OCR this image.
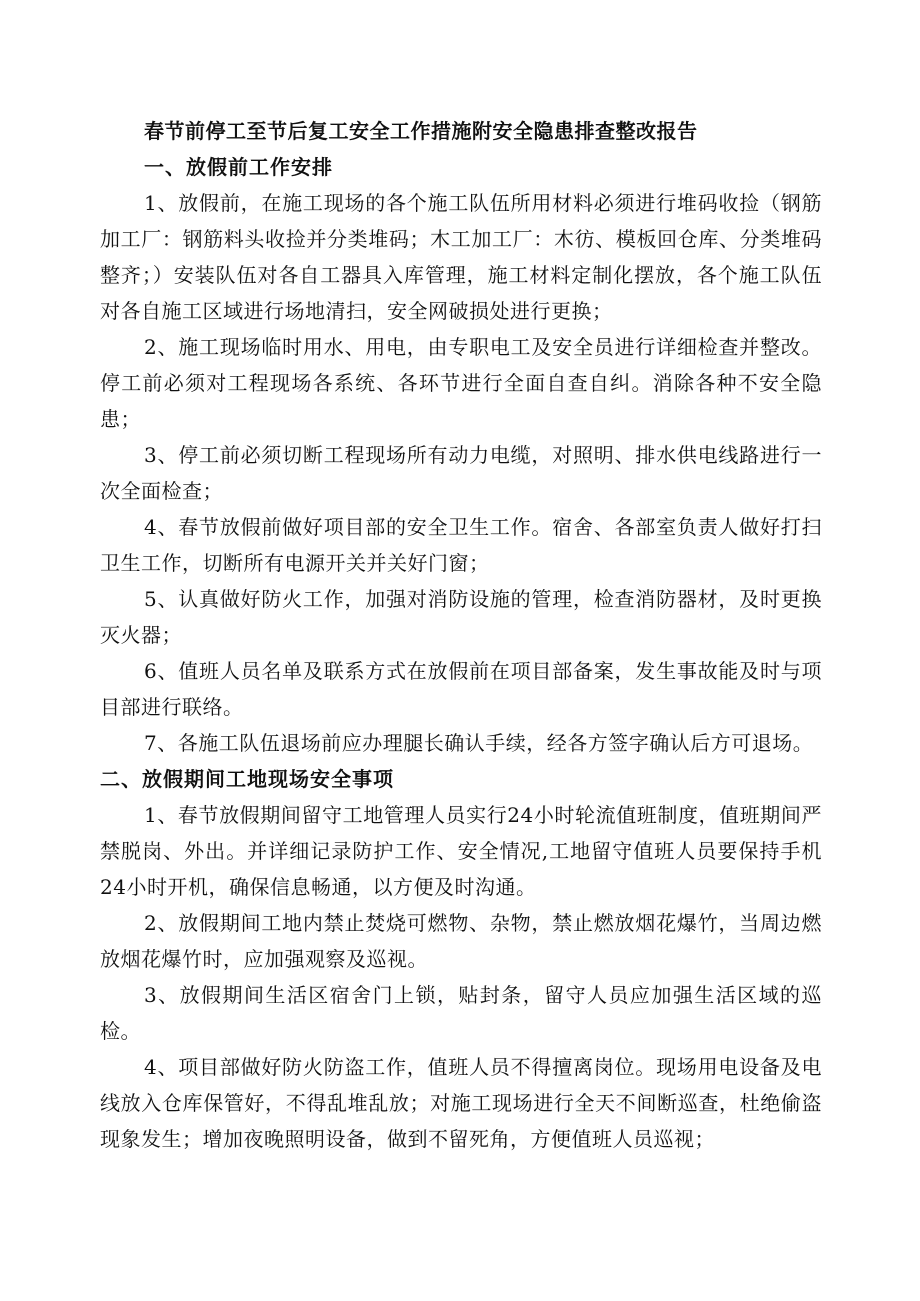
春节前停工至节后复工安全工作措施附安全隐患排查整改报告
一、放假前工作安排

1、放假前，在施工现场的各个施工队伍所用材料必须进行堆码收捡（钢筋加工厂：钢筋料头收捡并分类堆码；木工加工厂：木彷、模板回仓库、分类堆码整齐；）安装队伍对各自工器具入库管理，施工材料定制化摆放，各个施工队伍对各自施工区域进行场地清扫，安全网破损处进行更换；

2、施工现场临时用水、用电，由专职电工及安全员进行详细检查并整改。停工前必须对工程现场各系统、各环节进行全面自查自纠。消除各种不安全隐患；

3、停工前必须切断工程现场所有动力电缆，对照明、排水供电线路进行一次全面检查；

4、春节放假前做好项目部的安全卫生工作。宿舍、各部室负责人做好打扫卫生工作，切断所有电源开关并关好门窗；

5、认真做好防火工作，加强对消防设施的管理，检查消防器材，及时更换灭火器；

6、值班人员名单及联系方式在放假前在项目部备案，发生事故能及时与项目部进行联络。

7、各施工队伍退场前应办理腿长确认手续，经各方签字确认后方可退场。

二、放假期间工地现场安全事项

1、春节放假期间留守工地管理人员实行24小时轮流值班制度，值班期间严禁脱岗、外出。并详细记录防护工作、安全情况,工地留守值班人员要保持手机24小时开机，确保信息畅通，以方便及时沟通。

2、放假期间工地内禁止焚烧可燃物、杂物，禁止燃放烟花爆竹，当周边燃放烟花爆竹时，应加强观察及巡视。

3、放假期间生活区宿舍门上锁，贴封条，留守人员应加强生活区域的巡检。

4、项目部做好防火防盗工作，值班人员不得擅离岗位。现场用电设备及电线放入仓库保管好，不得乱堆乱放；对施工现场进行全天不间断巡查，杜绝偷盗现象发生；增加夜晚照明设备，做到不留死角，方便值班人员巡视；
